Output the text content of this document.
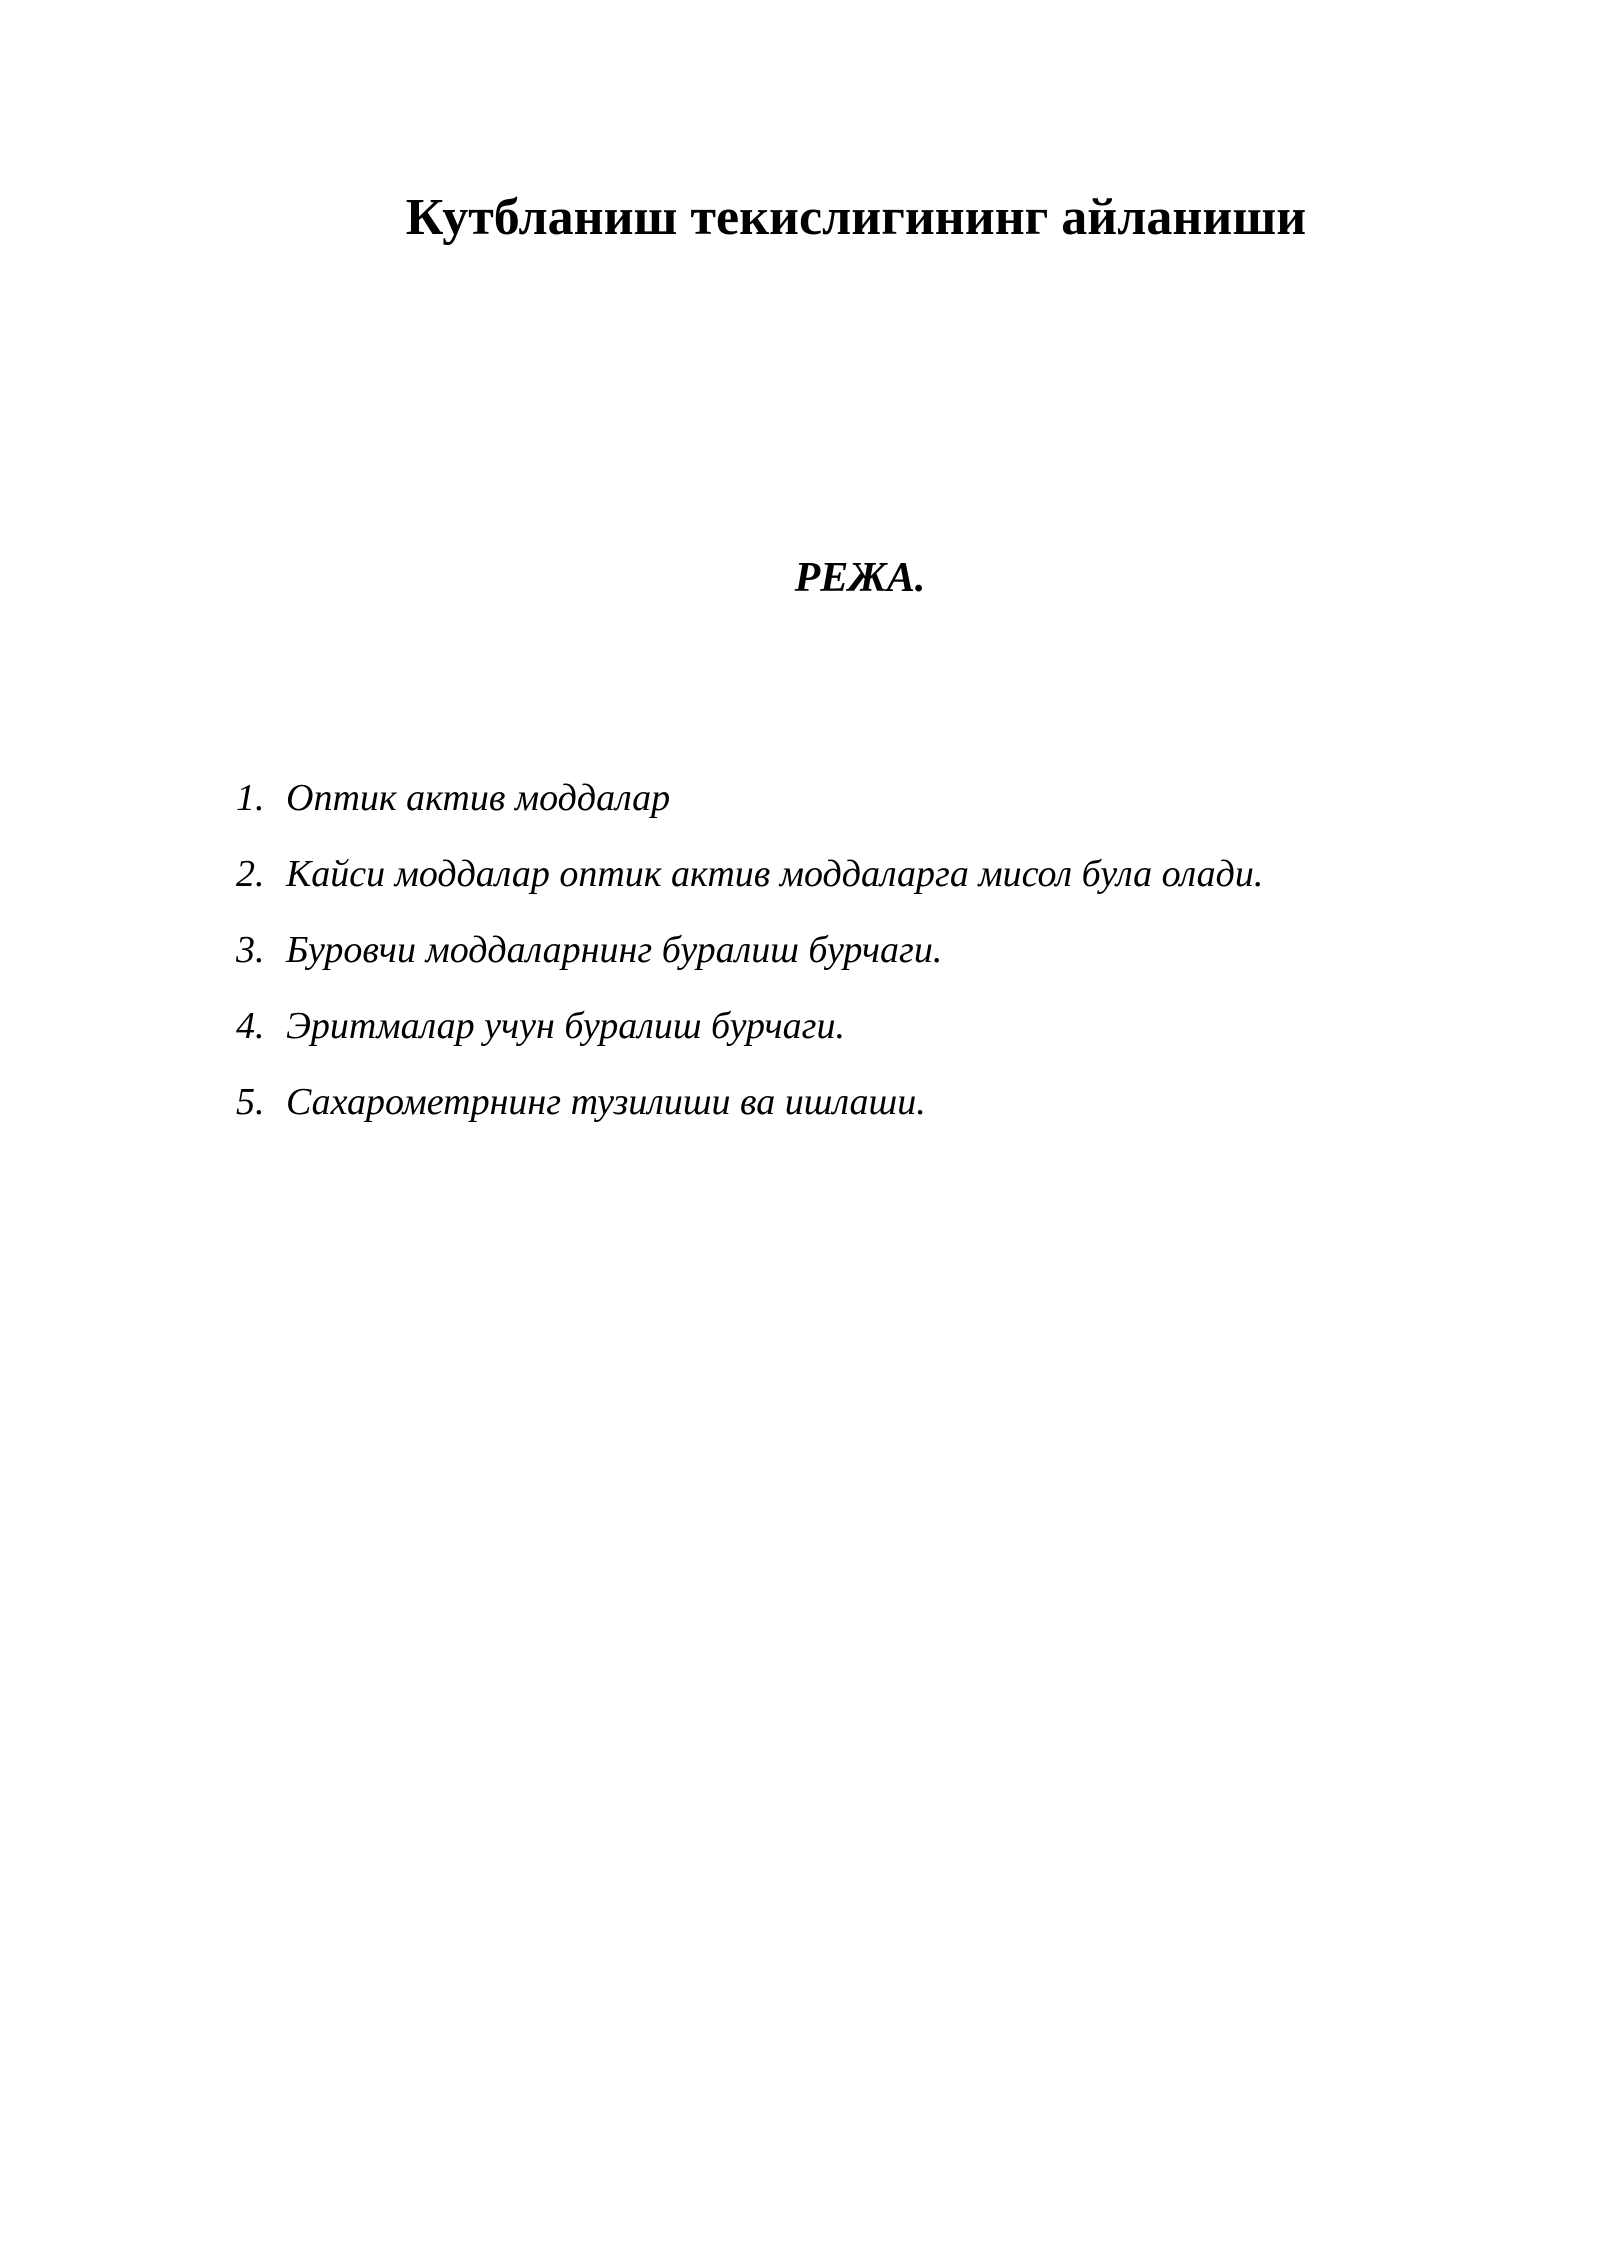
Кутбланиш текислигининг айланиши
РЕЖА.
1. Оптик актив моддалар
2. Кайси моддалар оптик актив моддаларга мисол була олади.
3. Буровчи моддаларнинг буралиш бурчаги.
4. Эритмалар учун буралиш бурчаги.
5. Сахарометрнинг тузилиши ва ишлаши.
